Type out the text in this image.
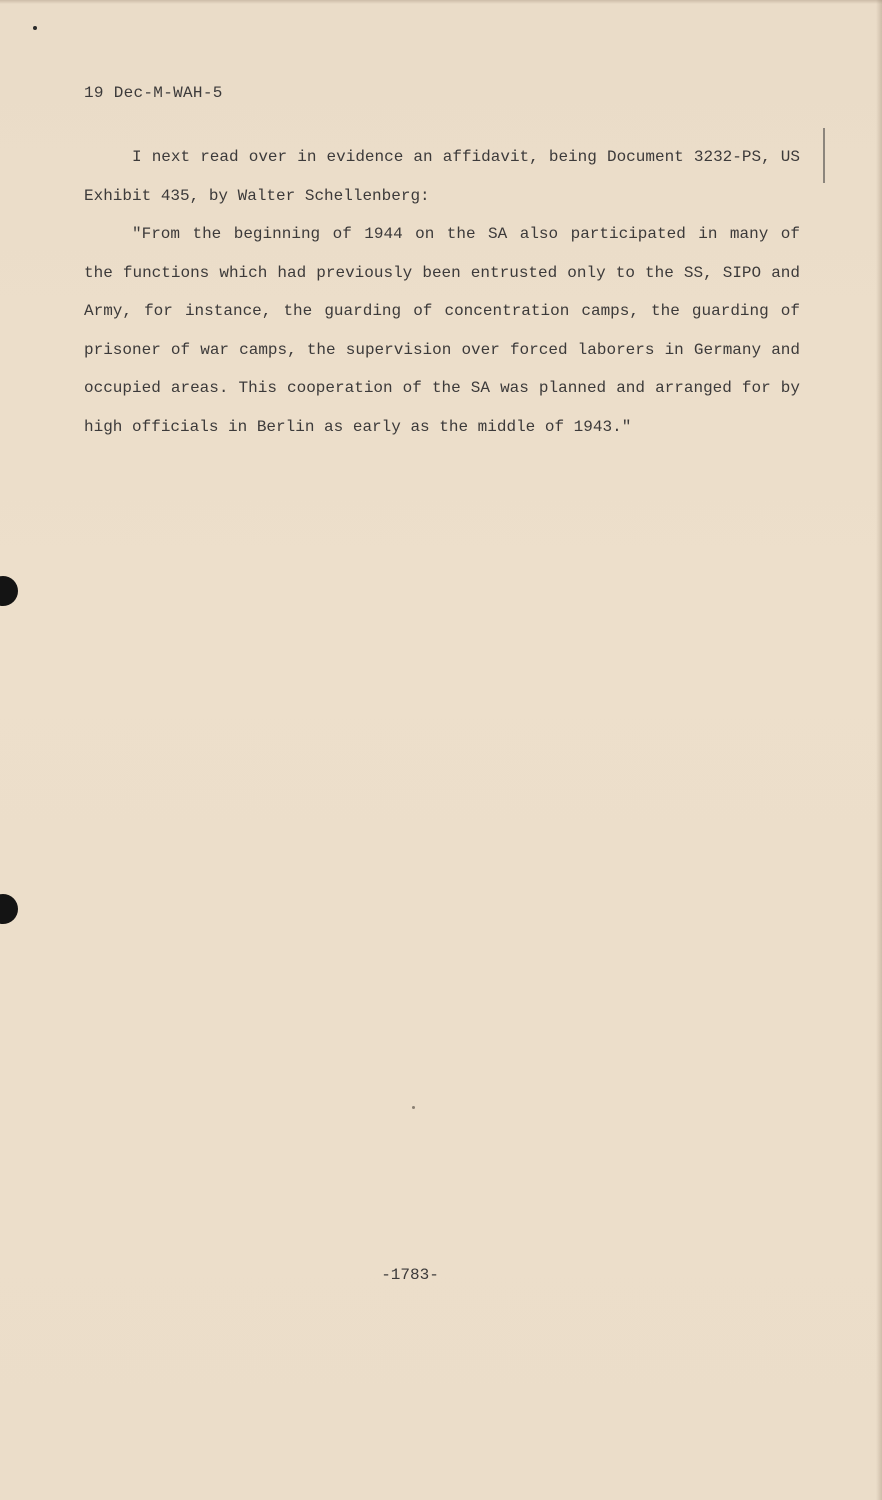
19 Dec-M-WAH-5

I next read over in evidence an affidavit, being Document 3232-PS, US Exhibit 435, by Walter Schellenberg:

"From the beginning of 1944 on the SA also participated in many of the functions which had previously been entrusted only to the SS, SIPO and Army, for instance, the guarding of concentration camps, the guarding of prisoner of war camps, the supervision over forced laborers in Germany and occupied areas. This cooperation of the SA was planned and arranged for by high officials in Berlin as early as the middle of 1943."

-1783-
